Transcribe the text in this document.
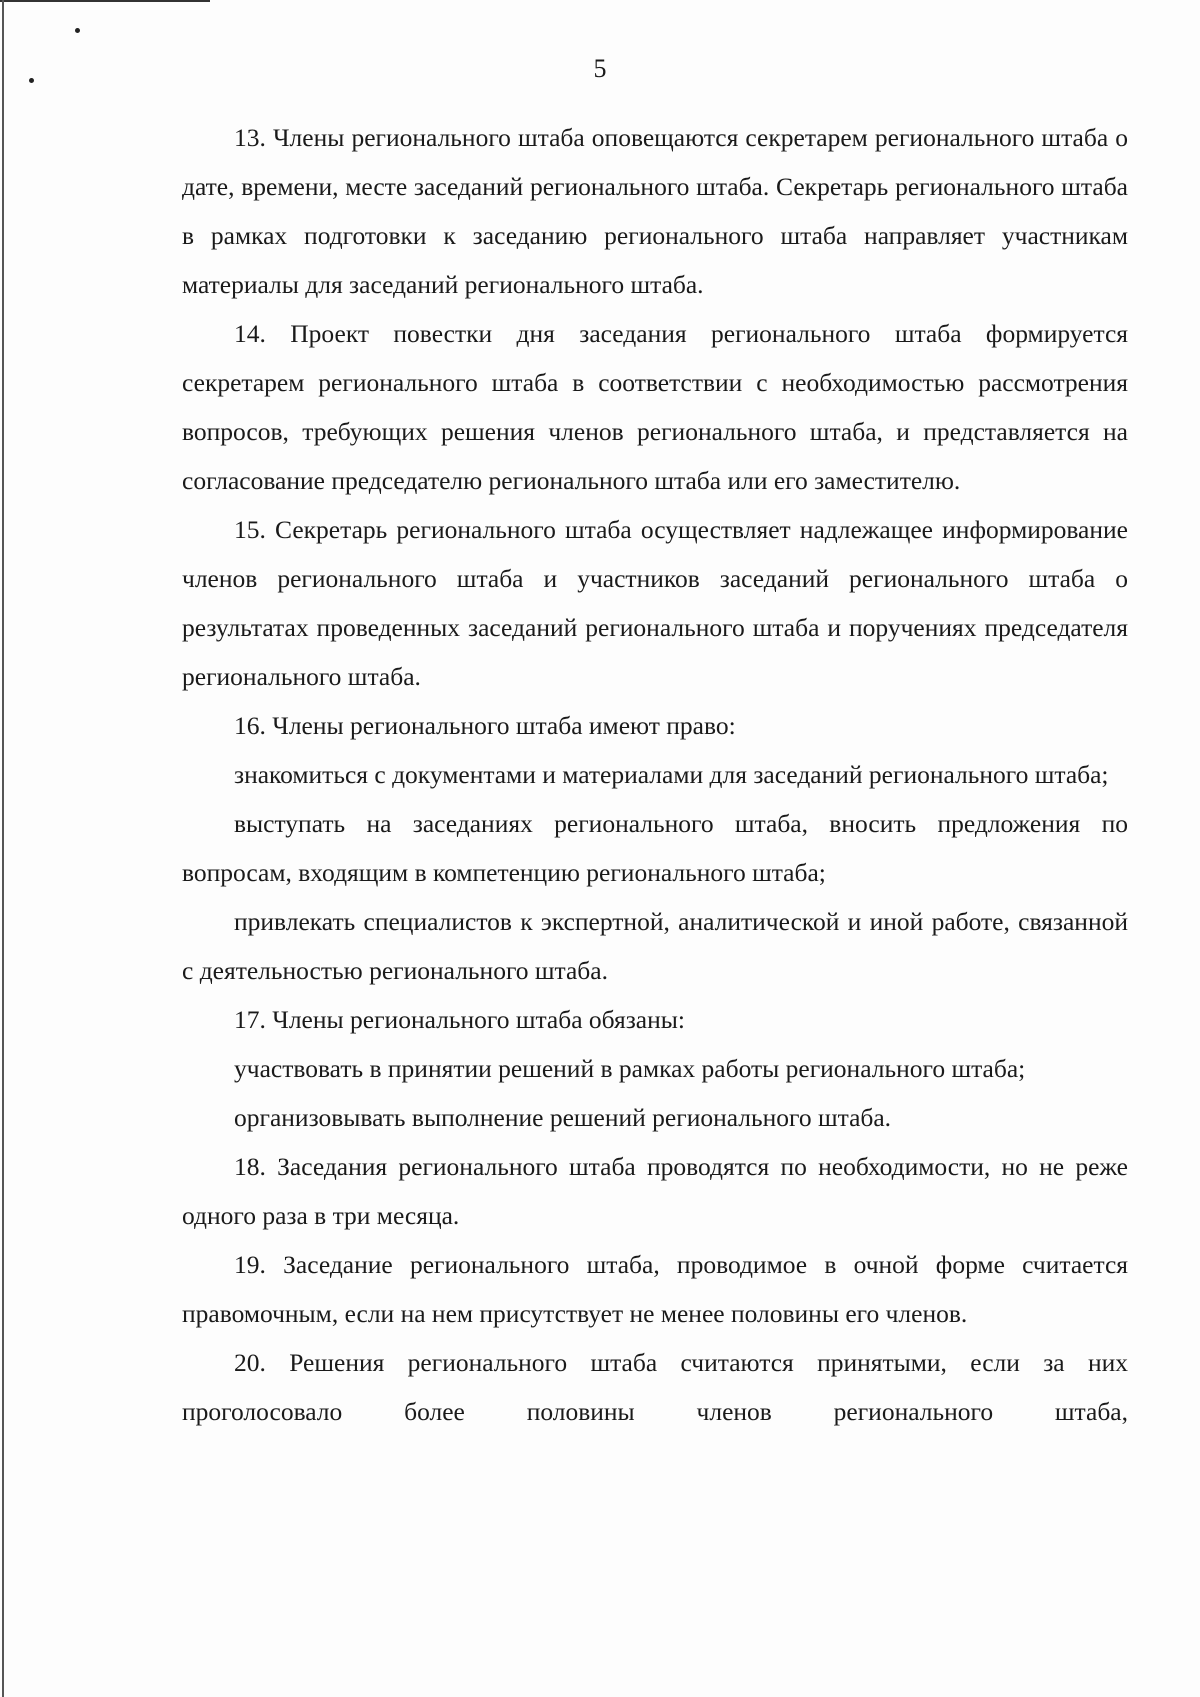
5

13. Члены регионального штаба оповещаются секретарем регионального штаба о дате, времени, месте заседаний регионального штаба. Секретарь регионального штаба в рамках подготовки к заседанию регионального штаба направляет участникам материалы для заседаний регионального штаба.

14. Проект повестки дня заседания регионального штаба формируется секретарем регионального штаба в соответствии с необходимостью рассмотрения вопросов, требующих решения членов регионального штаба, и представляется на согласование председателю регионального штаба или его заместителю.

15. Секретарь регионального штаба осуществляет надлежащее информирование членов регионального штаба и участников заседаний регионального штаба о результатах проведенных заседаний регионального штаба и поручениях председателя регионального штаба.

16. Члены регионального штаба имеют право:

знакомиться с документами и материалами для заседаний регионального штаба;

выступать на заседаниях регионального штаба, вносить предложения по вопросам, входящим в компетенцию регионального штаба;

привлекать специалистов к экспертной, аналитической и иной работе, связанной с деятельностью регионального штаба.

17. Члены регионального штаба обязаны:

участвовать в принятии решений в рамках работы регионального штаба;

организовывать выполнение решений регионального штаба.

18. Заседания регионального штаба проводятся по необходимости, но не реже одного раза в три месяца.

19. Заседание регионального штаба, проводимое в очной форме считается правомочным, если на нем присутствует не менее половины его членов.

20. Решения регионального штаба считаются принятыми, если за них проголосовало более половины членов регионального штаба,
